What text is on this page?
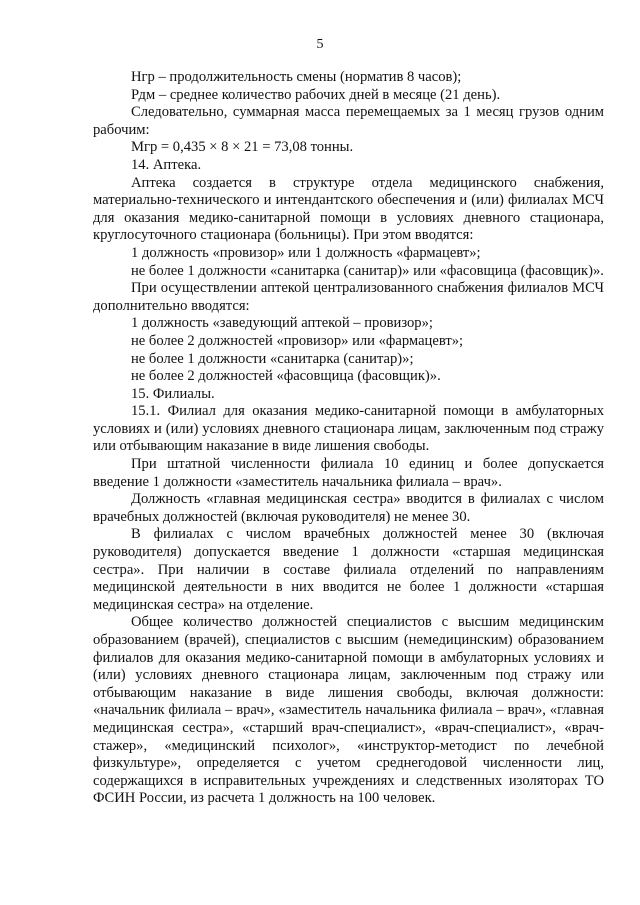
5

Нгр – продолжительность смены (норматив 8 часов);

Рдм – среднее количество рабочих дней в месяце (21 день).

Следовательно, суммарная масса перемещаемых за 1 месяц грузов одним рабочим:

Мгр = 0,435 × 8 × 21 = 73,08 тонны.

14. Аптека.

Аптека создается в структуре отдела медицинского снабжения, материально-технического и интендантского обеспечения и (или) филиалах МСЧ для оказания медико-санитарной помощи в условиях дневного стационара, круглосуточного стационара (больницы). При этом вводятся:

1 должность «провизор» или 1 должность «фармацевт»;

не более 1 должности «санитарка (санитар)» или «фасовщица (фасовщик)».

При осуществлении аптекой централизованного снабжения филиалов МСЧ дополнительно вводятся:

1 должность «заведующий аптекой – провизор»;

не более 2 должностей «провизор» или «фармацевт»;

не более 1 должности «санитарка (санитар)»;

не более 2 должностей «фасовщица (фасовщик)».

15. Филиалы.

15.1. Филиал для оказания медико-санитарной помощи в амбулаторных условиях и (или) условиях дневного стационара лицам, заключенным под стражу или отбывающим наказание в виде лишения свободы.

При штатной численности филиала 10 единиц и более допускается введение 1 должности «заместитель начальника филиала – врач».

Должность «главная медицинская сестра» вводится в филиалах с числом врачебных должностей (включая руководителя) не менее 30.

В филиалах с числом врачебных должностей менее 30 (включая руководителя) допускается введение 1 должности «старшая медицинская сестра». При наличии в составе филиала отделений по направлениям медицинской деятельности в них вводится не более 1 должности «старшая медицинская сестра» на отделение.

Общее количество должностей специалистов с высшим медицинским образованием (врачей), специалистов с высшим (немедицинским) образованием филиалов для оказания медико-санитарной помощи в амбулаторных условиях и (или) условиях дневного стационара лицам, заключенным под стражу или отбывающим наказание в виде лишения свободы, включая должности: «начальник филиала – врач», «заместитель начальника филиала – врач», «главная медицинская сестра», «старший врач-специалист», «врач-специалист», «врач-стажер», «медицинский психолог», «инструктор-методист по лечебной физкультуре», определяется с учетом среднегодовой численности лиц, содержащихся в исправительных учреждениях и следственных изоляторах ТО ФСИН России, из расчета 1 должность на 100 человек.
